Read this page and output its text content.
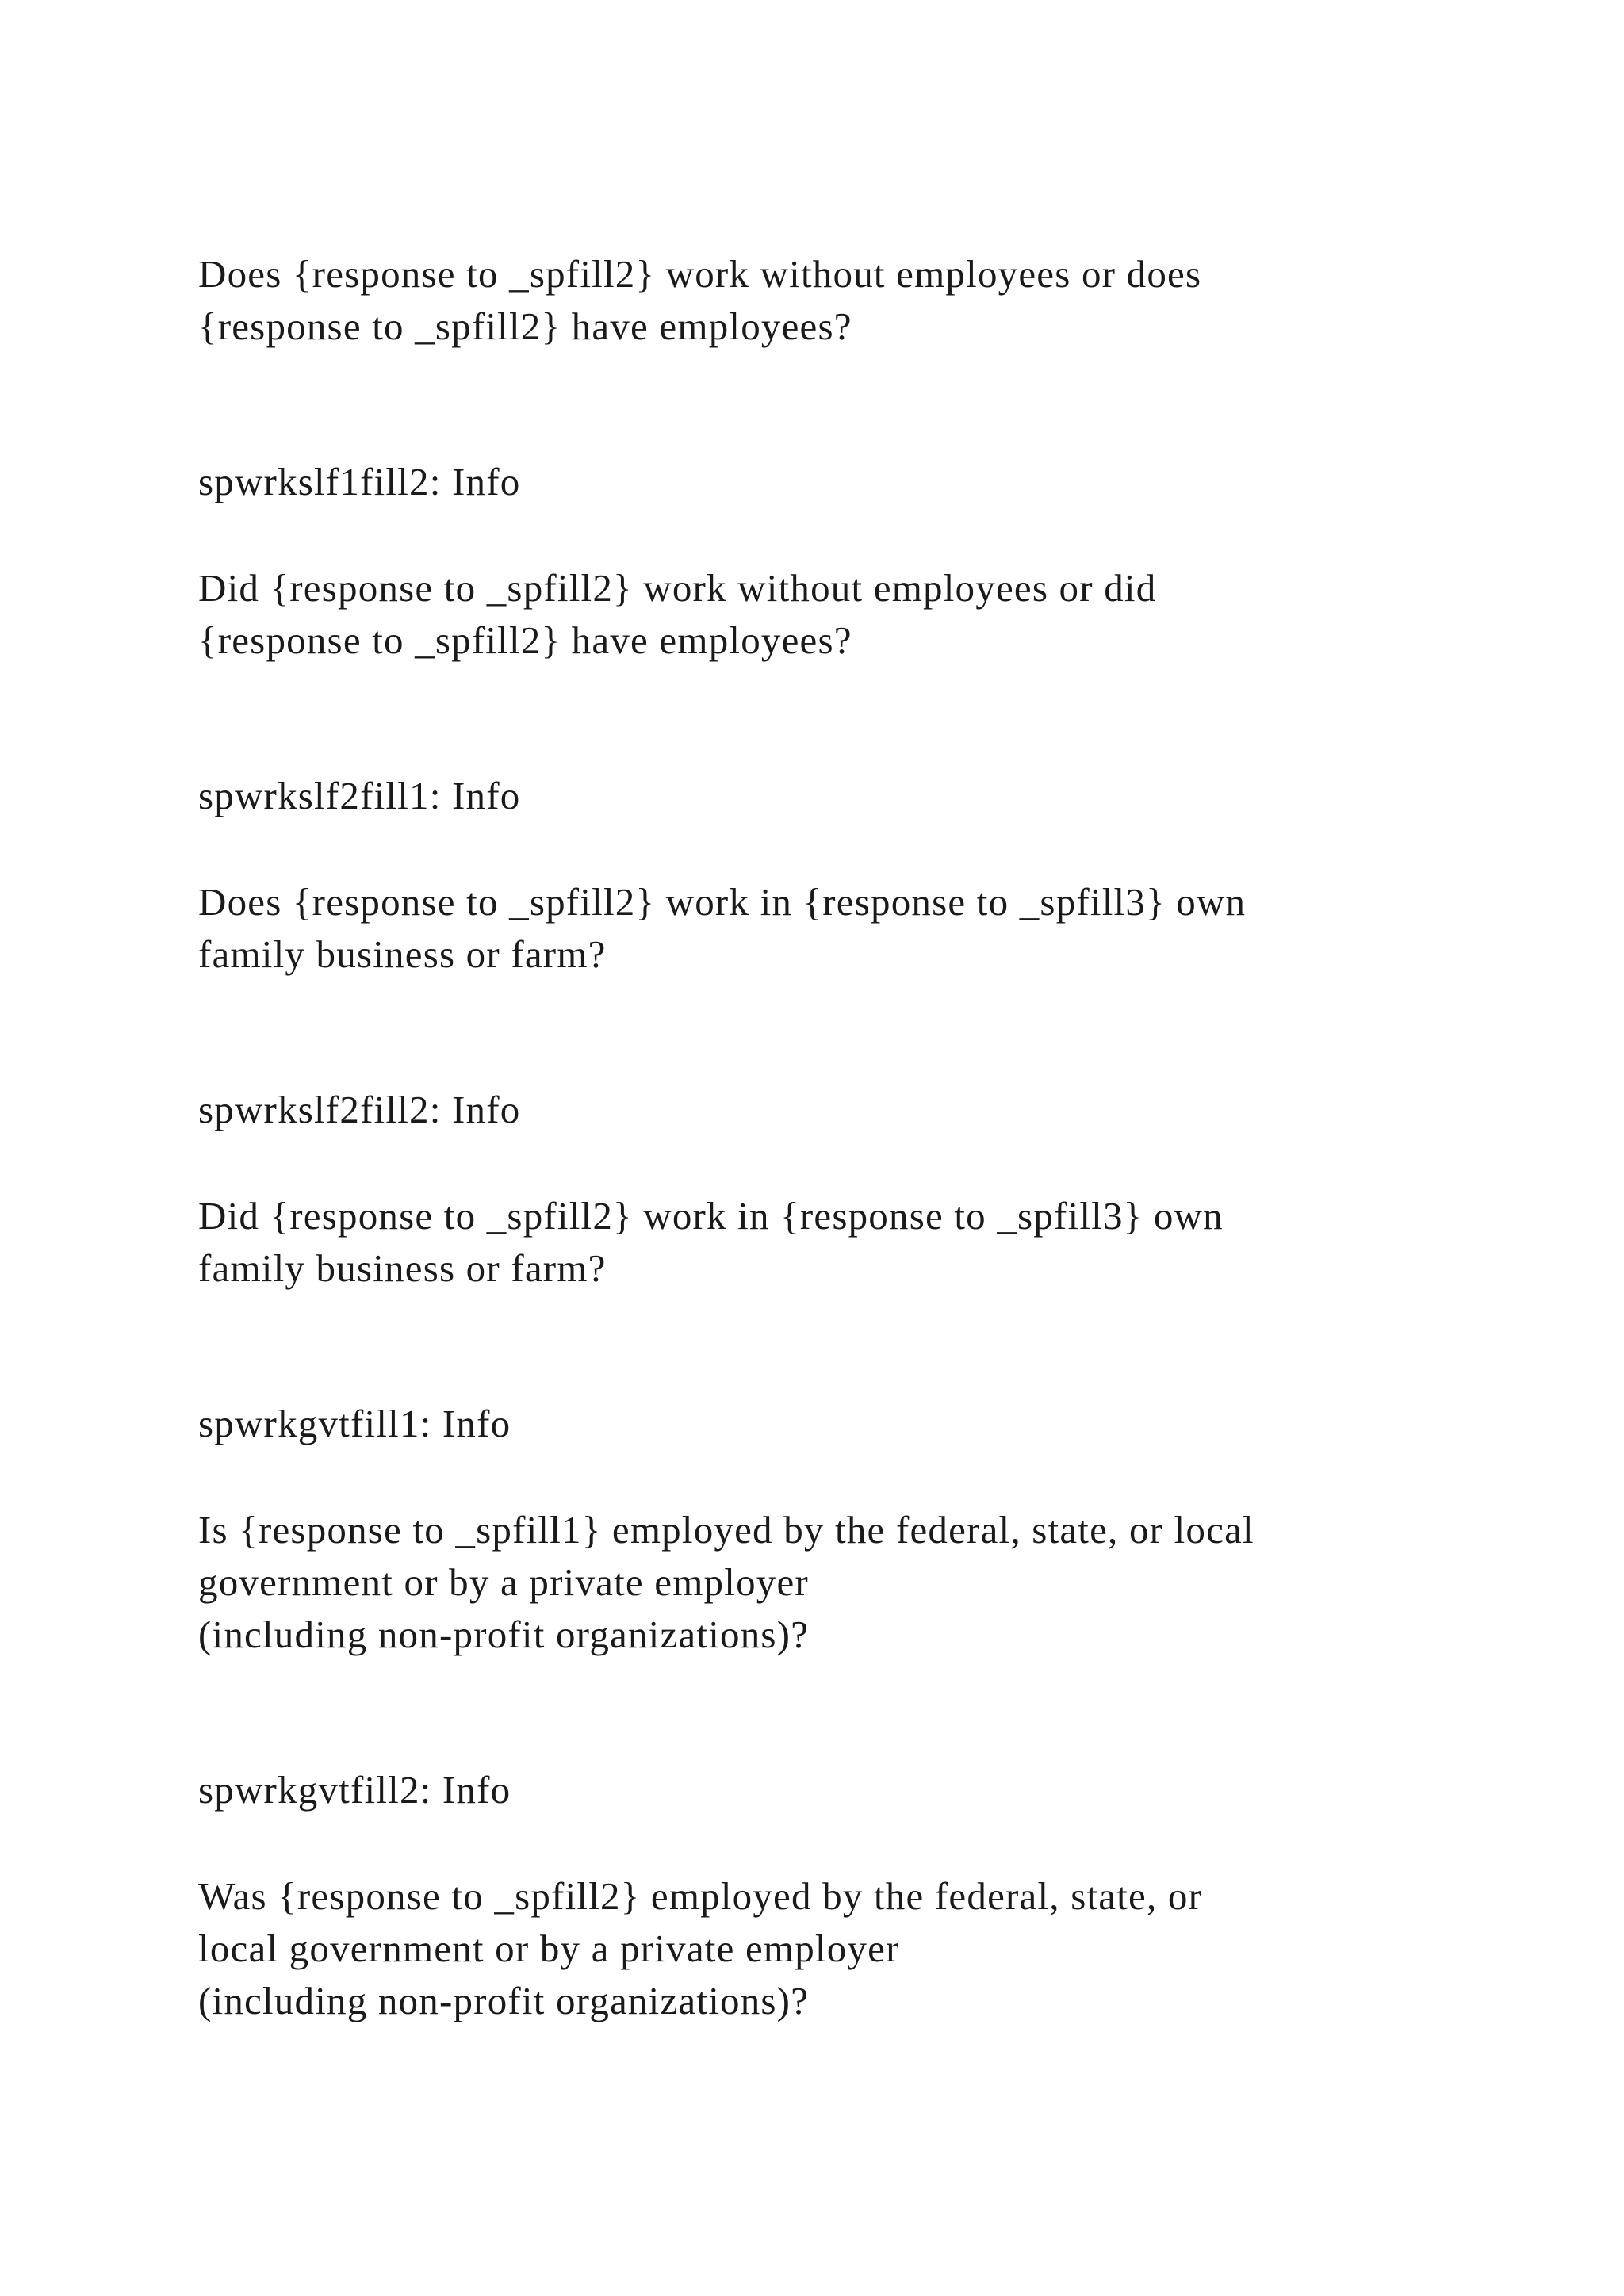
Does {response to _spfill2} work without employees or does

{response to _spfill2} have employees?

spwrkslf1fill2: Info

Did {response to _spfill2} work without employees or did

{response to _spfill2} have employees?

spwrkslf2fill1: Info

Does {response to _spfill2} work in {response to _spfill3} own

family business or farm?

spwrkslf2fill2: Info

Did {response to _spfill2} work in {response to _spfill3} own

family business or farm?

spwrkgvtfill1: Info

Is {response to _spfill1} employed by the federal, state, or local

government or by a private employer

(including non-profit organizations)?

spwrkgvtfill2: Info

Was {response to _spfill2} employed by the federal, state, or

local government or by a private employer

(including non-profit organizations)?
